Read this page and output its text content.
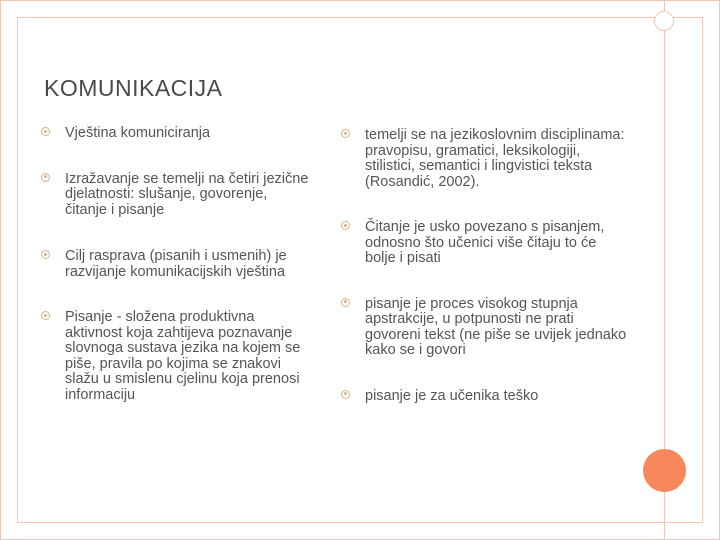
KOMUNIKACIJA
Vještina komuniciranja
Izražavanje se temelji na četiri jezične djelatnosti: slušanje, govorenje, čitanje i pisanje
Cilj rasprava (pisanih i usmenih) je razvijanje komunikacijskih vještina
Pisanje - složena produktivna aktivnost koja zahtijeva poznavanje slovnoga sustava jezika na kojem se piše, pravila po kojima se znakovi slažu u smislenu cjelinu koja prenosi informaciju
temelji se na jezikoslovnim disciplinama: pravopisu, gramatici, leksikologiji, stilistici, semantici i lingvistici teksta (Rosandić, 2002).
Čitanje je usko povezano s pisanjem, odnosno što učenici više čitaju to će bolje i pisati
pisanje je proces visokog stupnja apstrakcije, u potpunosti ne prati govoreni tekst (ne piše se uvijek jednako kako se i govori
pisanje je za učenika teško
